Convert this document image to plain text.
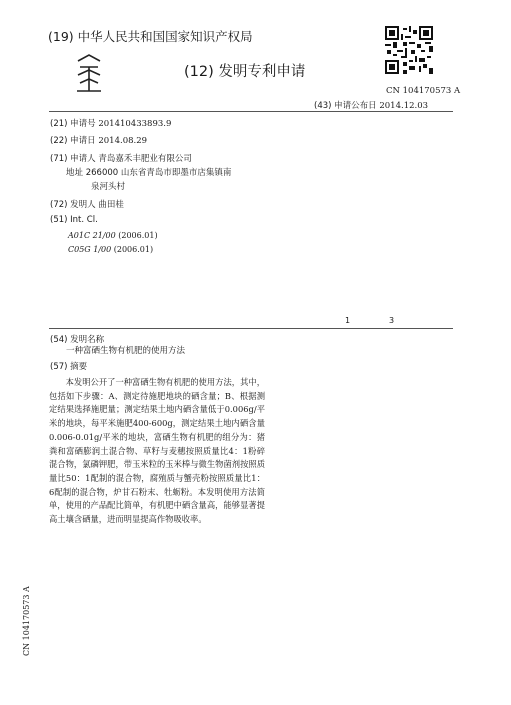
(19) 中华人民共和国国家知识产权局
(12) 发明专利申请
CN 104170573 A
(43) 申请公布日 2014.12.03
(21) 申请号 201410433893.9
(22) 申请日 2014.08.29
(71) 申请人 青岛嘉禾丰肥业有限公司
地址 266000 山东省青岛市即墨市店集镇南
泉河头村
(72) 发明人 曲田桂
(51) Int. Cl.
A01C 21/00 (2006.01)
C05G 1/00 (2006.01)
1	3
(54) 发明名称
一种富硒生物有机肥的使用方法
(57) 摘要
本发明公开了一种富硒生物有机肥的使用方法，其中，包括如下步骤：A、测定待施肥地块的硒含量；B、根据测定结果选择施肥量；测定结果土地内硒含量低于0.006g/平米的地块，每平米施肥400-600g，测定结果土地内硒含量0.006-0.01g/平米的地块，富硒生物有机肥的组分为：猪粪和富硒膨润土混合物、草籽与麦穗按照质量比4：1粉碎混合物，氯磷钾肥，带玉米粒的玉米棒与微生物菌剂按照质量比50：1配制的混合物，腐殖质与蟹壳粉按照质量比1：6配制的混合物，炉甘石粉末、牡蛎粉。本发明使用方法简单，使用的产品配比简单，有机肥中硒含量高，能够显著提高土壤含硒量，进而明显提高作物吸收率。
CN 104170573 A
